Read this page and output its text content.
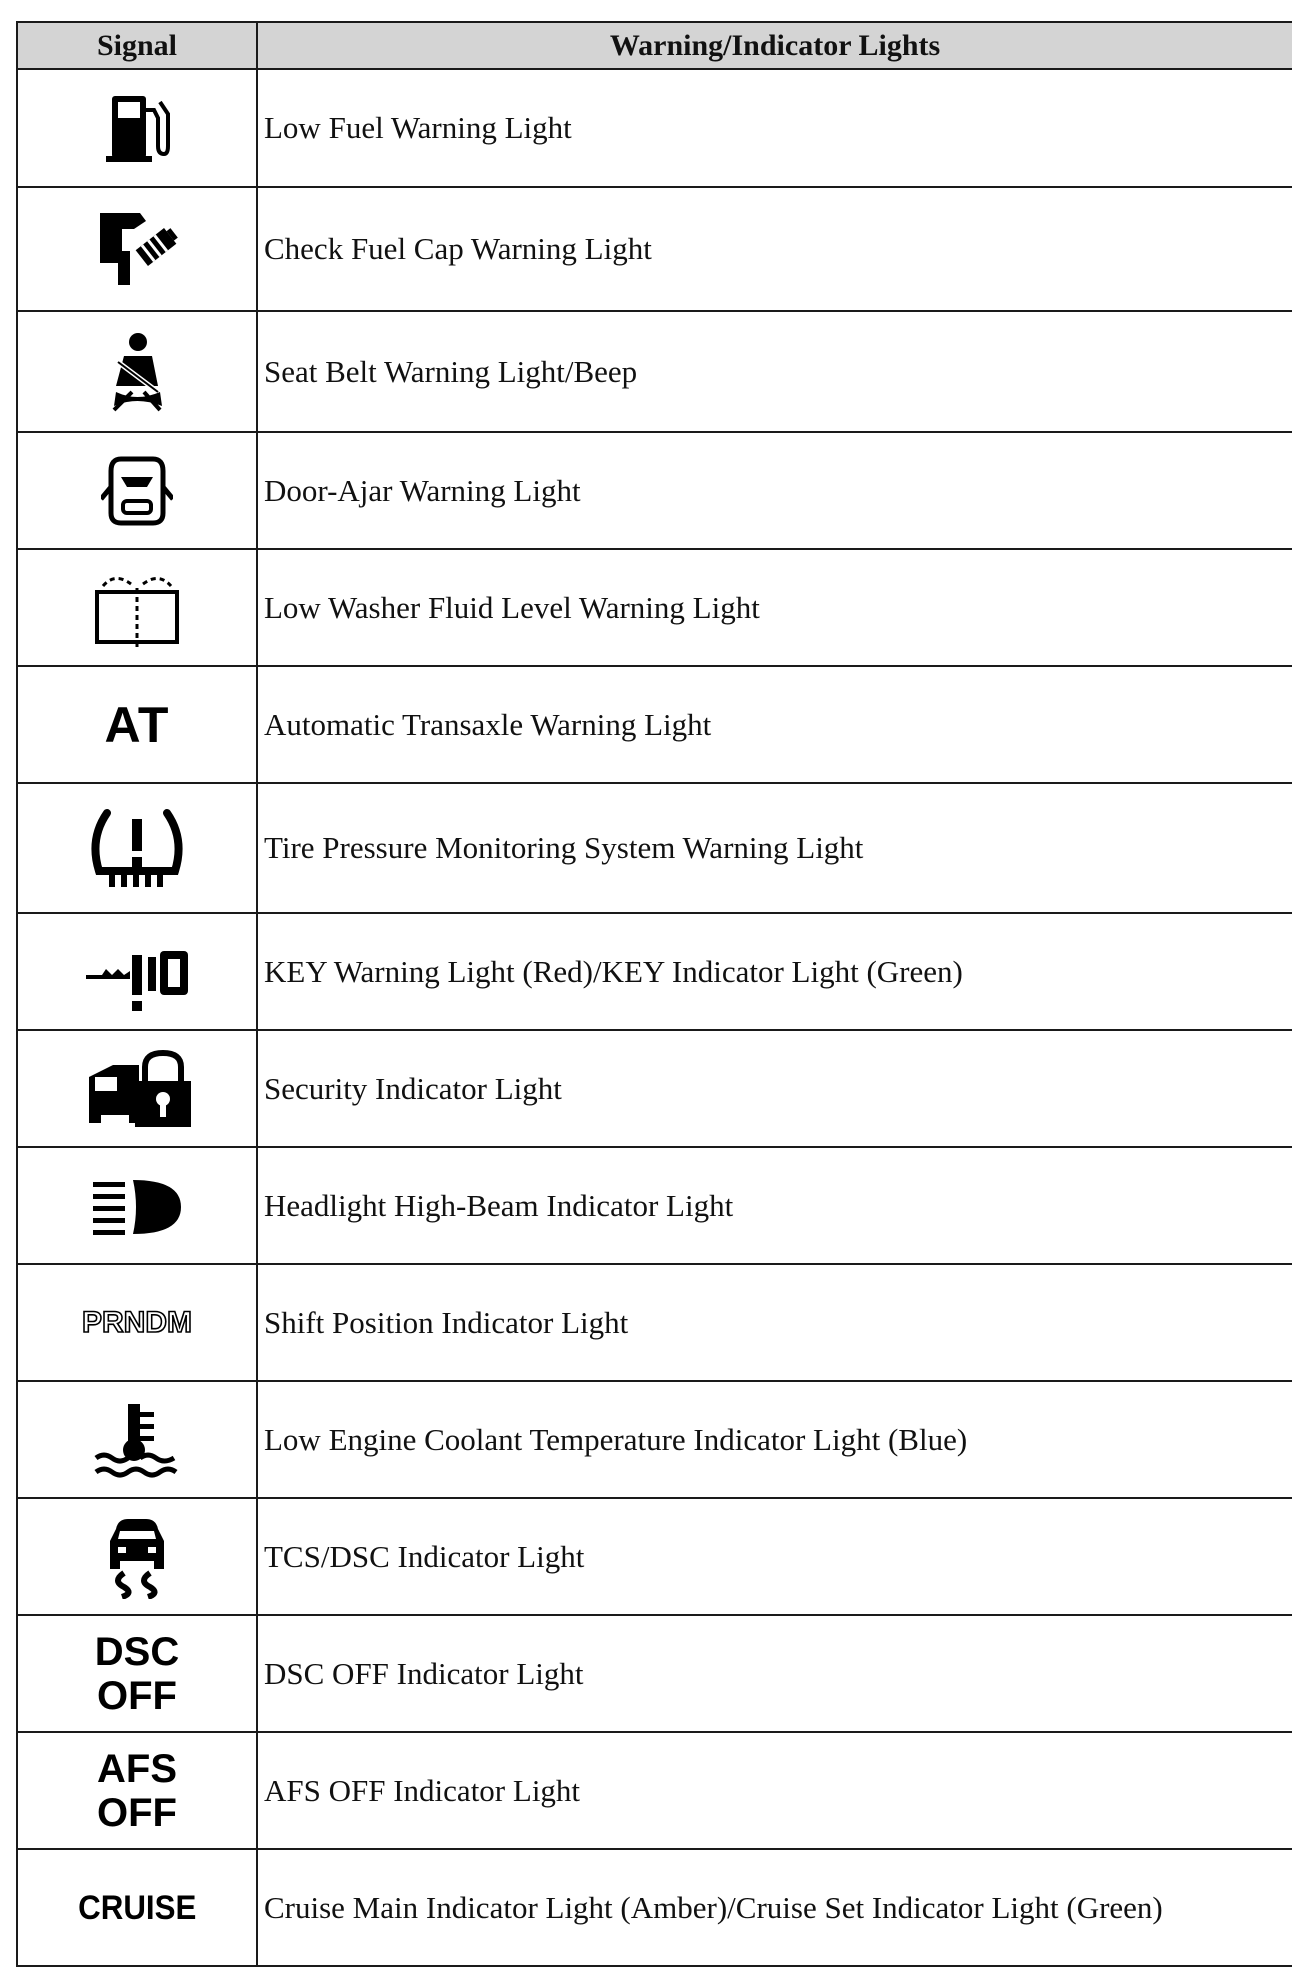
Signal	Warning/Indicator Lights

	Low Fuel Warning Light

	Check Fuel Cap Warning Light

	Seat Belt Warning Light/Beep

	Door-Ajar Warning Light

	Low Washer Fluid Level Warning Light
AT	Automatic Transaxle Warning Light

	Tire Pressure Monitoring System Warning Light

	KEY Warning Light (Red)/KEY Indicator Light (Green)

	Security Indicator Light

	Headlight High-Beam Indicator Light
PRNDM	Shift Position Indicator Light

	Low Engine Coolant Temperature Indicator Light (Blue)

	TCS/DSC Indicator Light

DSC
OFF	DSC OFF Indicator Light

AFS
OFF	AFS OFF Indicator Light
CRUISE	Cruise Main Indicator Light (Amber)/Cruise Set Indicator Light (Green)
